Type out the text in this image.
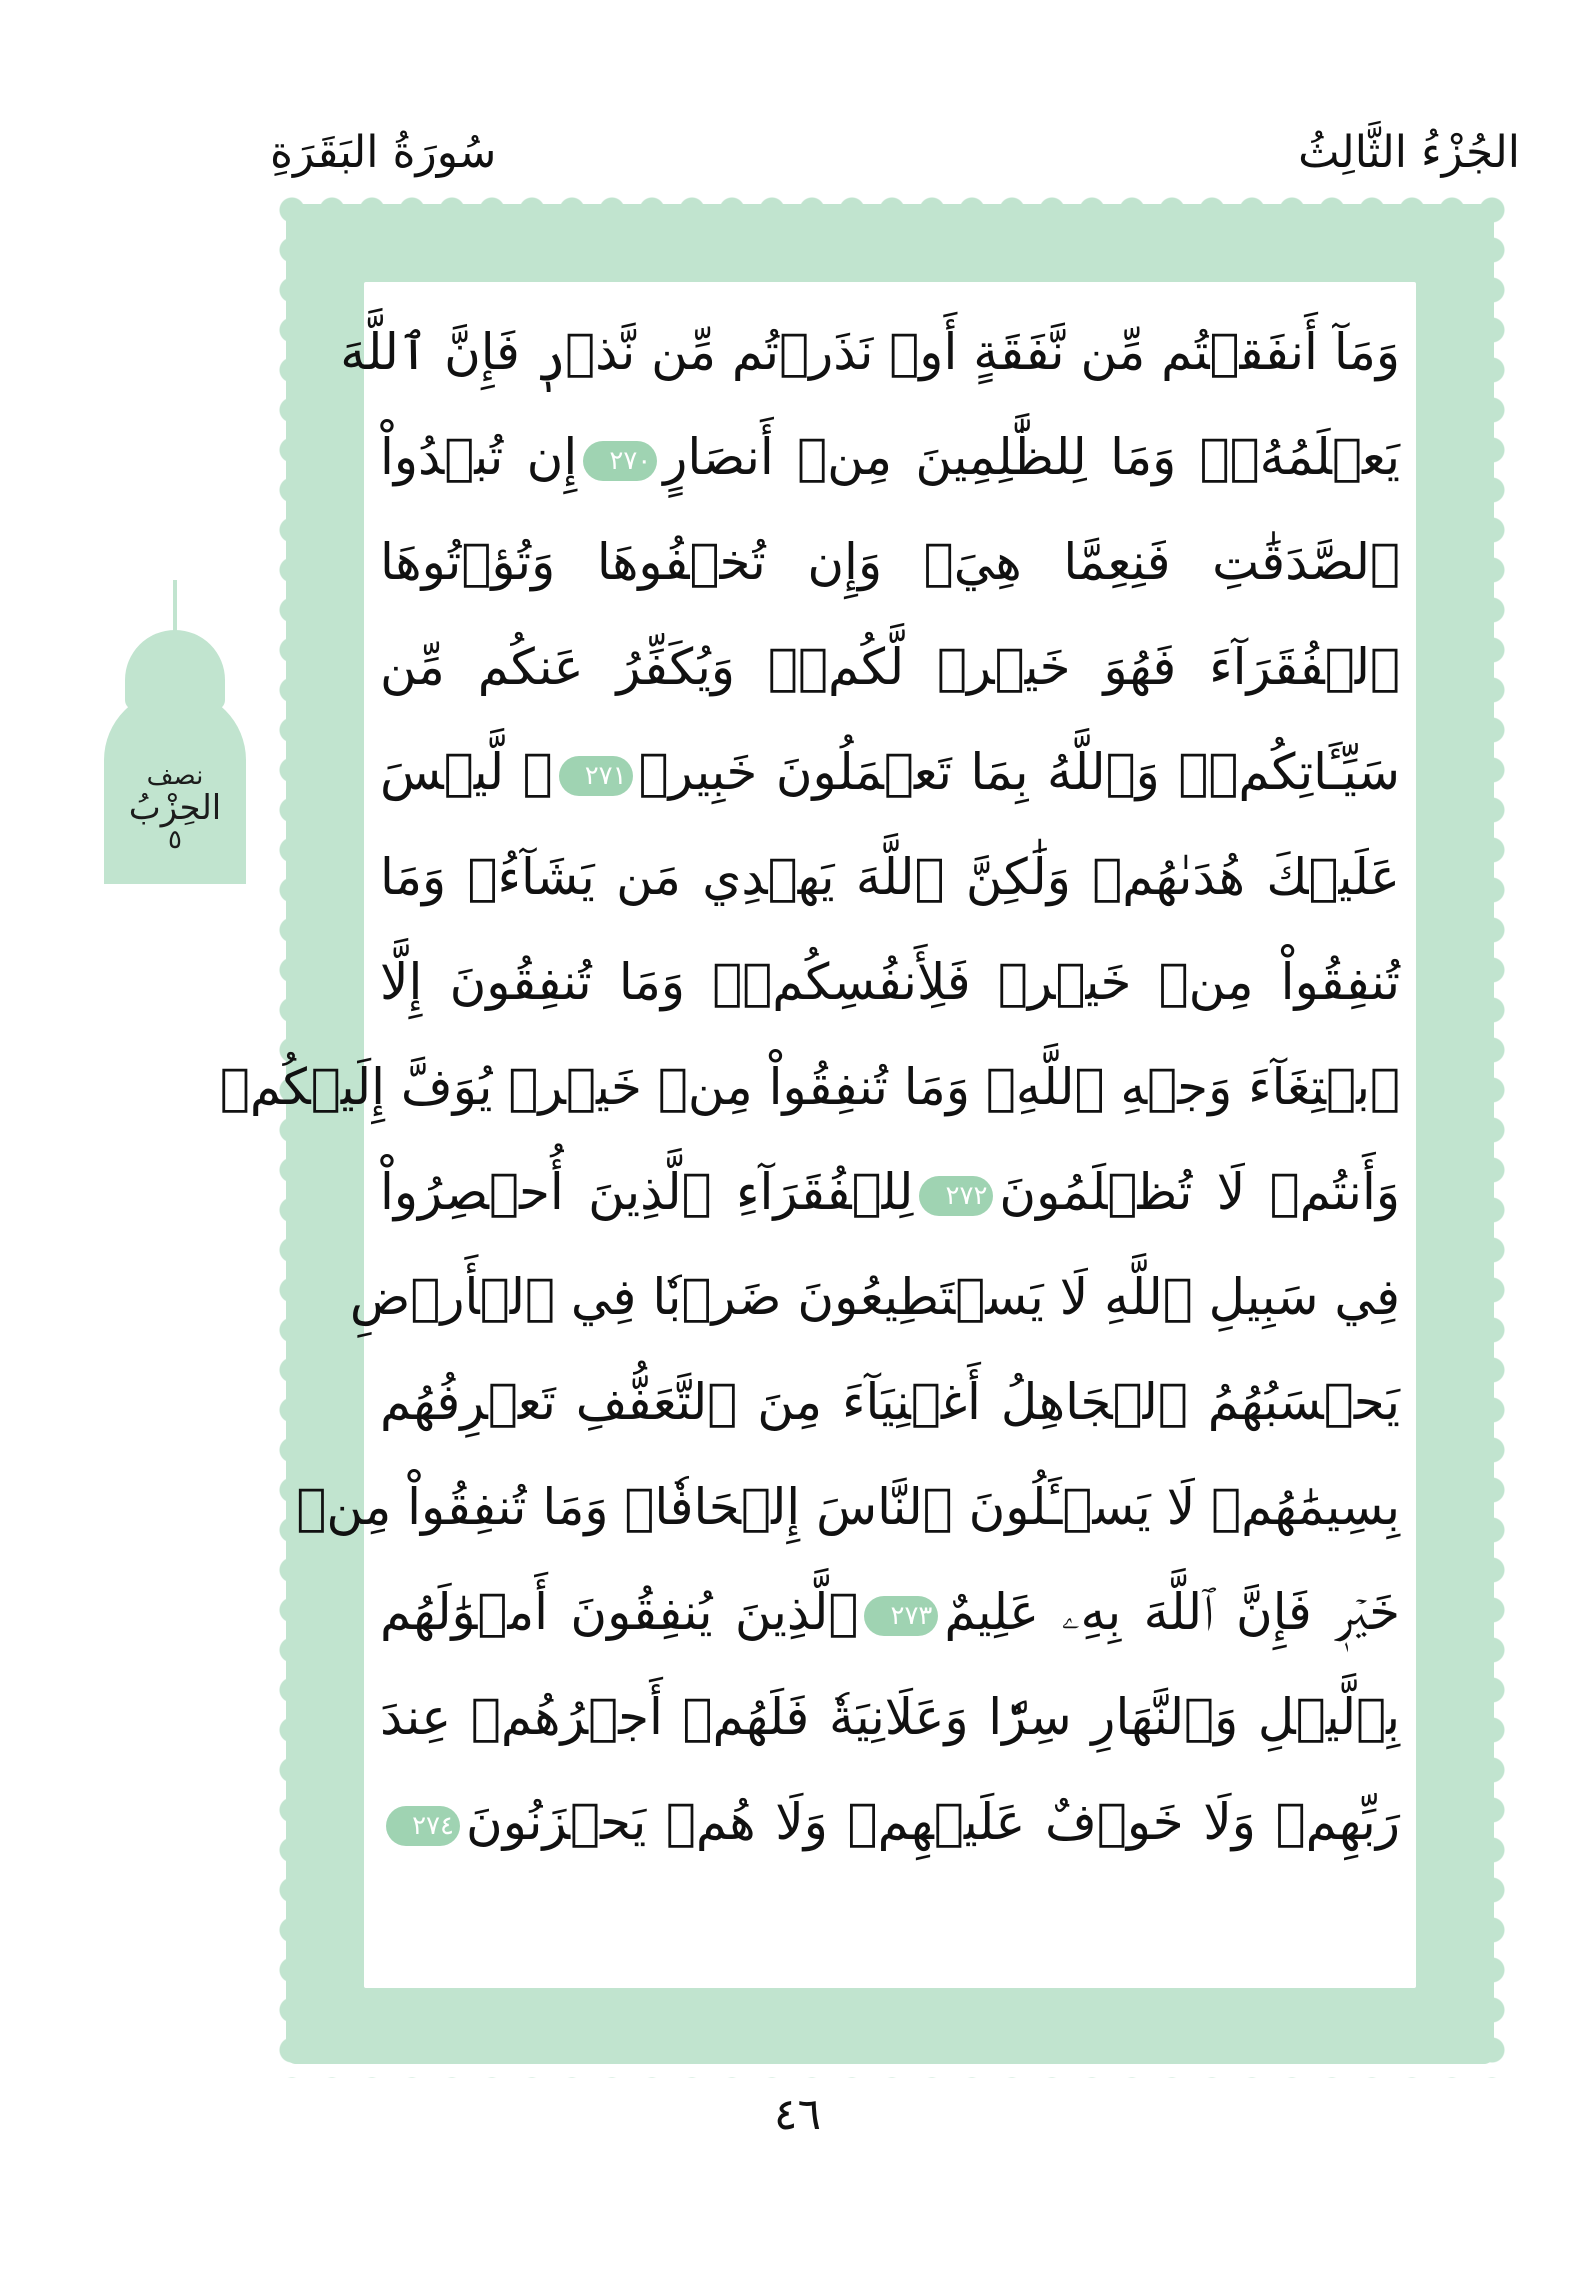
الجُزْءُ الثَّالِثُ
سُورَةُ البَقَرَةِ
وَمَآ أَنفَقۡتُم مِّن نَّفَقَةٍ أَوۡ نَذَرۡتُم مِّن نَّذۡرٖ فَإِنَّ ٱللَّهَ
يَعۡلَمُهُۥۗ وَمَا لِلظَّٰلِمِينَ مِنۡ أَنصَارٍ٢٧٠إِن تُبۡدُواْ
ٱلصَّدَقَٰتِ فَنِعِمَّا هِيَۖ وَإِن تُخۡفُوهَا وَتُؤۡتُوهَا
ٱلۡفُقَرَآءَ فَهُوَ خَيۡرٞ لَّكُمۡۚ وَيُكَفِّرُ عَنكُم مِّن
سَيِّـَٔاتِكُمۡۗ وَٱللَّهُ بِمَا تَعۡمَلُونَ خَبِيرٞ٢٧١۞ لَّيۡسَ
عَلَيۡكَ هُدَىٰهُمۡ وَلَٰكِنَّ ٱللَّهَ يَهۡدِي مَن يَشَآءُۗ وَمَا
تُنفِقُواْ مِنۡ خَيۡرٖ فَلِأَنفُسِكُمۡۚ وَمَا تُنفِقُونَ إِلَّا
ٱبۡتِغَآءَ وَجۡهِ ٱللَّهِۚ وَمَا تُنفِقُواْ مِنۡ خَيۡرٖ يُوَفَّ إِلَيۡكُمۡ
وَأَنتُمۡ لَا تُظۡلَمُونَ٢٧٢لِلۡفُقَرَآءِ ٱلَّذِينَ أُحۡصِرُواْ
فِي سَبِيلِ ٱللَّهِ لَا يَسۡتَطِيعُونَ ضَرۡبٗا فِي ٱلۡأَرۡضِ
يَحۡسَبُهُمُ ٱلۡجَاهِلُ أَغۡنِيَآءَ مِنَ ٱلتَّعَفُّفِ تَعۡرِفُهُم
بِسِيمَٰهُمۡ لَا يَسۡـَٔلُونَ ٱلنَّاسَ إِلۡحَافٗاۗ وَمَا تُنفِقُواْ مِنۡ
خَيۡرٖ فَإِنَّ ٱللَّهَ بِهِۦ عَلِيمٌ٢٧٣ٱلَّذِينَ يُنفِقُونَ أَمۡوَٰلَهُم
بِٱلَّيۡلِ وَٱلنَّهَارِ سِرّٗا وَعَلَانِيَةٗ فَلَهُمۡ أَجۡرُهُمۡ عِندَ
رَبِّهِمۡ وَلَا خَوۡفٌ عَلَيۡهِمۡ وَلَا هُمۡ يَحۡزَنُونَ٢٧٤
نصف
الحِزْبُ
٥
٤٦
